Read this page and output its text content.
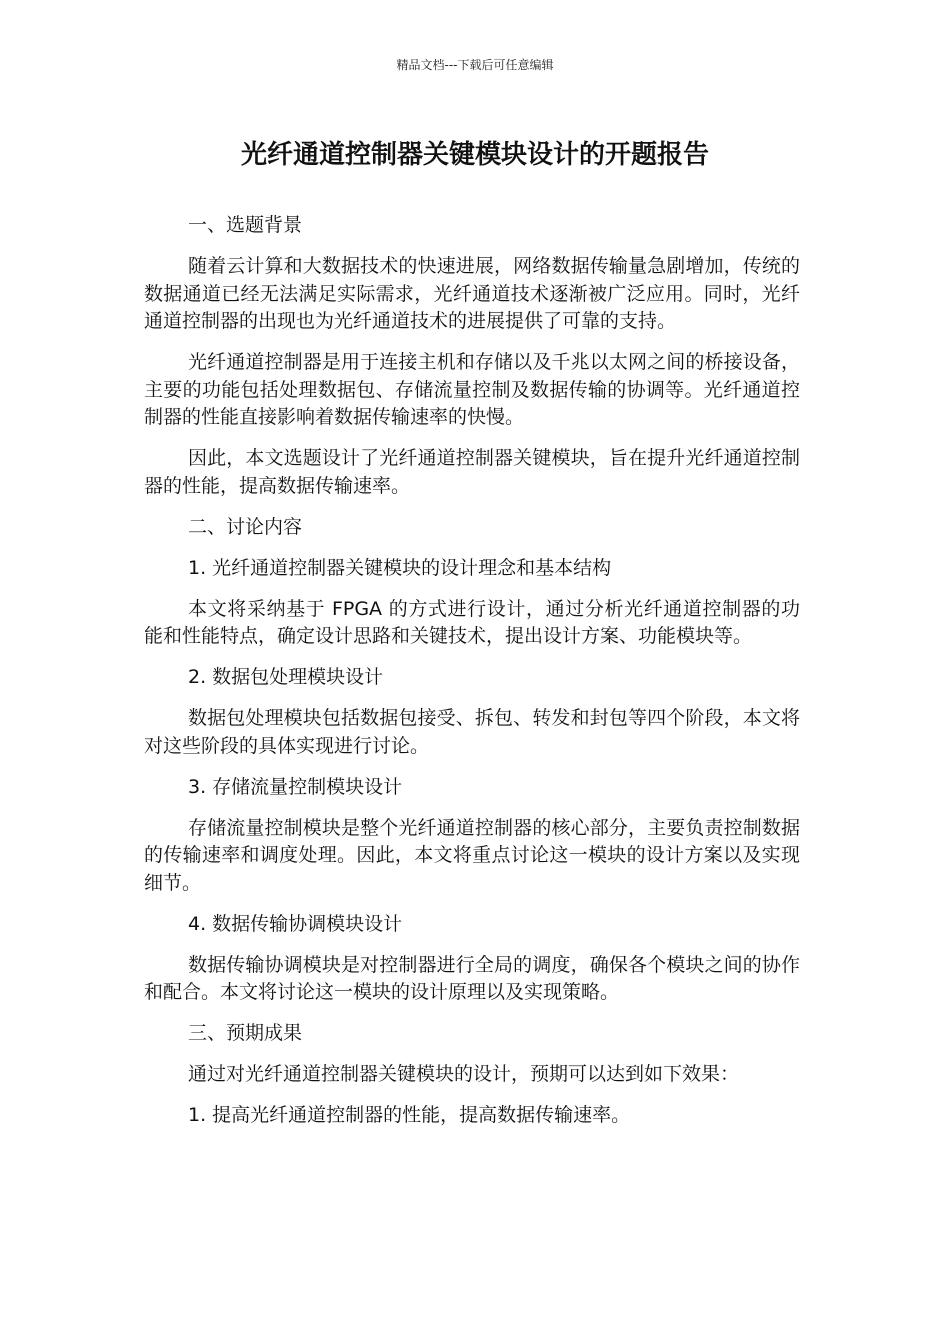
精品文档---下载后可任意编辑
光纤通道控制器关键模块设计的开题报告

一、选题背景

随着云计算和大数据技术的快速进展，网络数据传输量急剧增加，传统的数据通道已经无法满足实际需求，光纤通道技术逐渐被广泛应用。同时，光纤通道控制器的出现也为光纤通道技术的进展提供了可靠的支持。

光纤通道控制器是用于连接主机和存储以及千兆以太网之间的桥接设备，主要的功能包括处理数据包、存储流量控制及数据传输的协调等。光纤通道控制器的性能直接影响着数据传输速率的快慢。

因此，本文选题设计了光纤通道控制器关键模块，旨在提升光纤通道控制器的性能，提高数据传输速率。

二、讨论内容

1. 光纤通道控制器关键模块的设计理念和基本结构

本文将采纳基于 FPGA 的方式进行设计，通过分析光纤通道控制器的功能和性能特点，确定设计思路和关键技术，提出设计方案、功能模块等。

2. 数据包处理模块设计

数据包处理模块包括数据包接受、拆包、转发和封包等四个阶段，本文将对这些阶段的具体实现进行讨论。

3. 存储流量控制模块设计

存储流量控制模块是整个光纤通道控制器的核心部分，主要负责控制数据的传输速率和调度处理。因此，本文将重点讨论这一模块的设计方案以及实现细节。

4. 数据传输协调模块设计

数据传输协调模块是对控制器进行全局的调度，确保各个模块之间的协作和配合。本文将讨论这一模块的设计原理以及实现策略。

三、预期成果

通过对光纤通道控制器关键模块的设计，预期可以达到如下效果：

1. 提高光纤通道控制器的性能，提高数据传输速率。
